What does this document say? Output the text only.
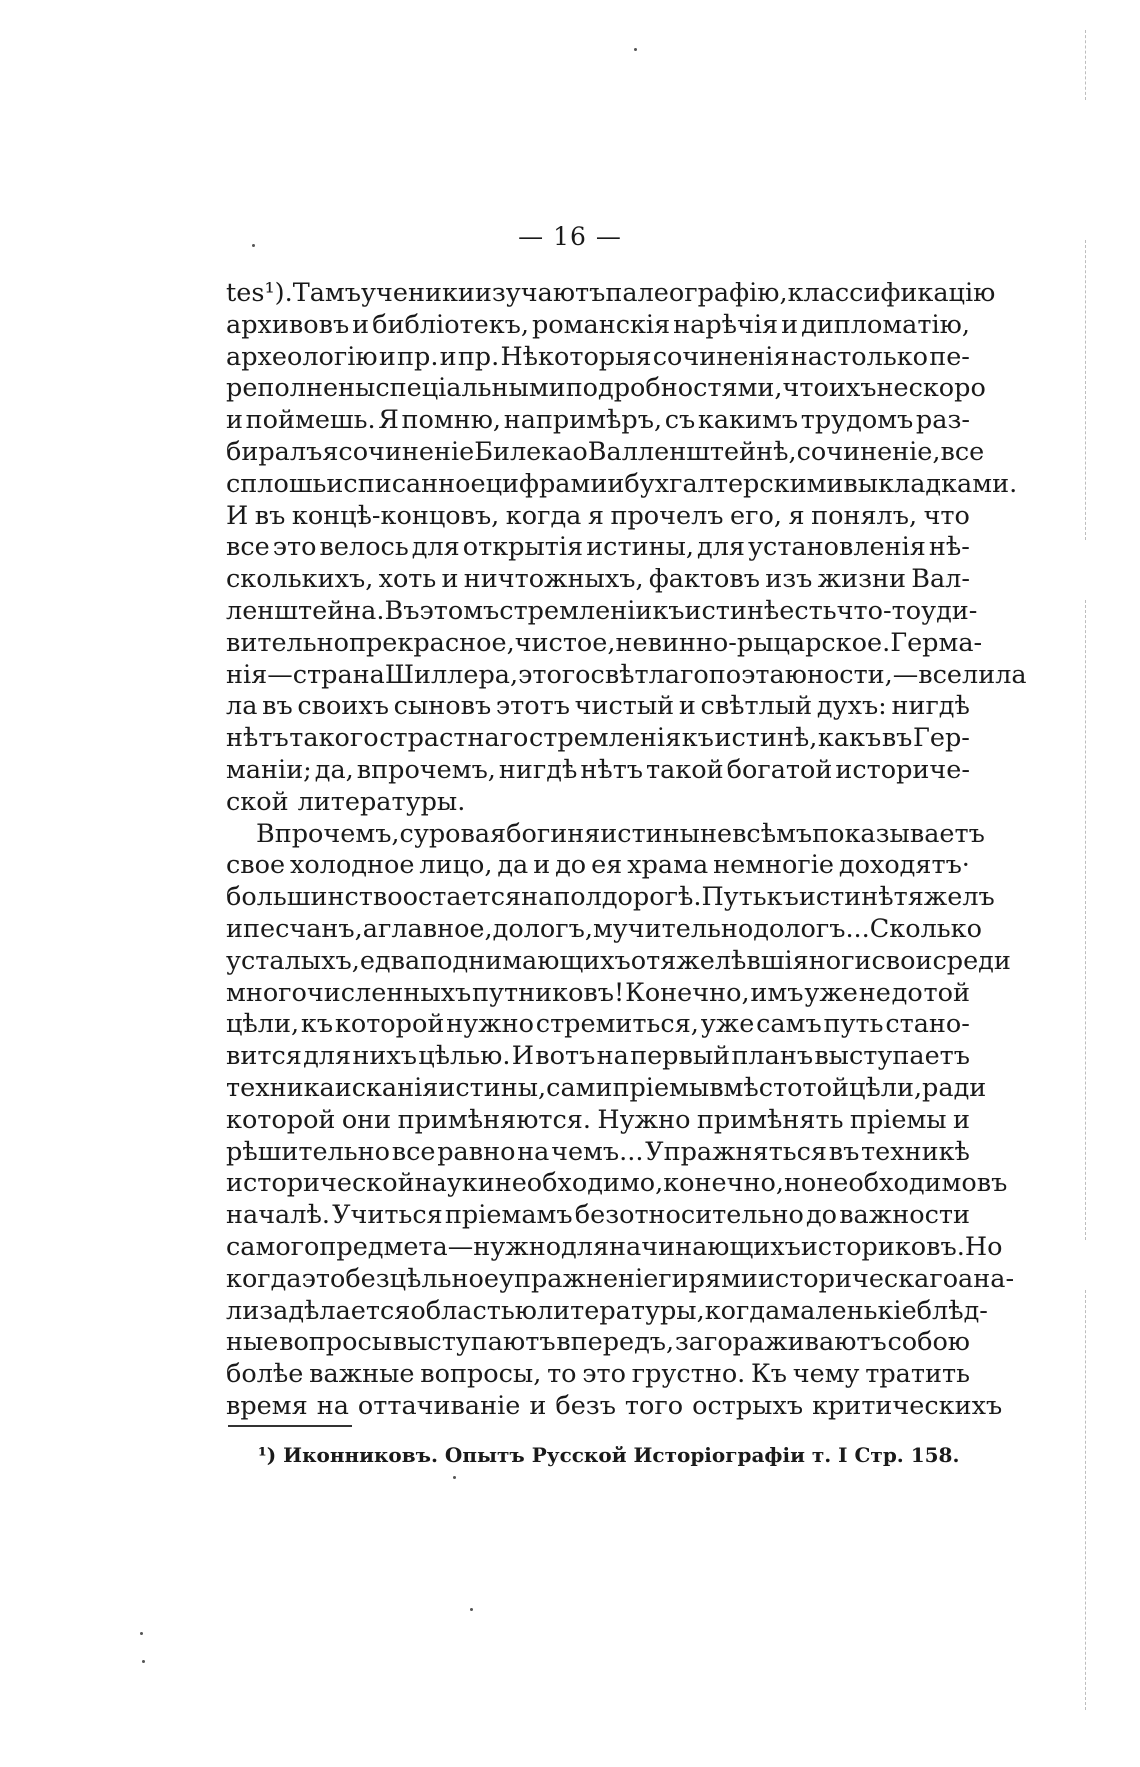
— 16 —
tes ¹). Тамъ ученики изучаютъ палеографію, классификацію
архивовъ и библіотекъ, романскія нарѣчія и дипломатію,
археологію и пр. и пр. Нѣкоторыя сочиненія настолько пе-
реполнены спеціальными подробностями, что ихъ не скоро
и поймешь. Я помню, напримѣръ, съ какимъ трудомъ раз-
биралъ я сочиненіе Билека о Валленштейнѣ, сочиненіе, все
сплошь исписанное цифрами и бухгалтерскими выкладками.
И въ концѣ-концовъ, когда я прочелъ его, я понялъ, что
все это велось для открытія истины, для установленія нѣ-
сколькихъ, хоть и ничтожныхъ, фактовъ изъ жизни Вал-
ленштейна. Въ этомъ стремленіи къ истинѣ есть что-то уди-
вительно прекрасное, чистое, невинно-рыцарское. Герма-
нія—страна Шиллера, этого свѣтлаго поэта юности,—вселила
ла въ своихъ сыновъ этотъ чистый и свѣтлый духъ: нигдѣ
нѣтъ такого страстнаго стремленія къ истинѣ, какъ въ Гер-
маніи; да, впрочемъ, нигдѣ нѣтъ такой богатой историче-
ской литературы.
Впрочемъ, суровая богиня истины не всѣмъ показываетъ
свое холодное лицо, да и до ея храма немногіе доходятъ·
большинство остается на полдорогѣ. Путь къ истинѣ тяжелъ
и песчанъ, а главное, дологъ, мучительно дологъ... Сколько
усталыхъ, едва поднимающихъ отяжелѣвшія ноги свои среди
многочисленныхъ путниковъ! Конечно, имъ уже не до той
цѣли, къ которой нужно стремиться, уже самъ путь стано-
вится для нихъ цѣлью. И вотъ на первый планъ выступаетъ
техника исканія истины, сами пріемы вмѣсто той цѣли, ради
которой они примѣняются. Нужно примѣнять пріемы и
рѣшительно все равно на чемъ... Упражняться въ техникѣ
исторической науки необходимо, конечно, но необходимо въ
началѣ. Учиться пріемамъ безотносительно до важности
самого предмета—нужно для начинающихъ историковъ. Но
когда это безцѣльное упражненіе гирями историческаго ана-
лиза дѣлается областью литературы, когда маленькіе блѣд-
ные вопросы выступаютъ впередъ, загораживаютъ собою
болѣе важные вопросы, то это грустно. Къ чему тратить
время на оттачиваніе и безъ того острыхъ критическихъ
¹) Иконниковъ. Опытъ Русской Исторіографіи т. I Стр. 158.
